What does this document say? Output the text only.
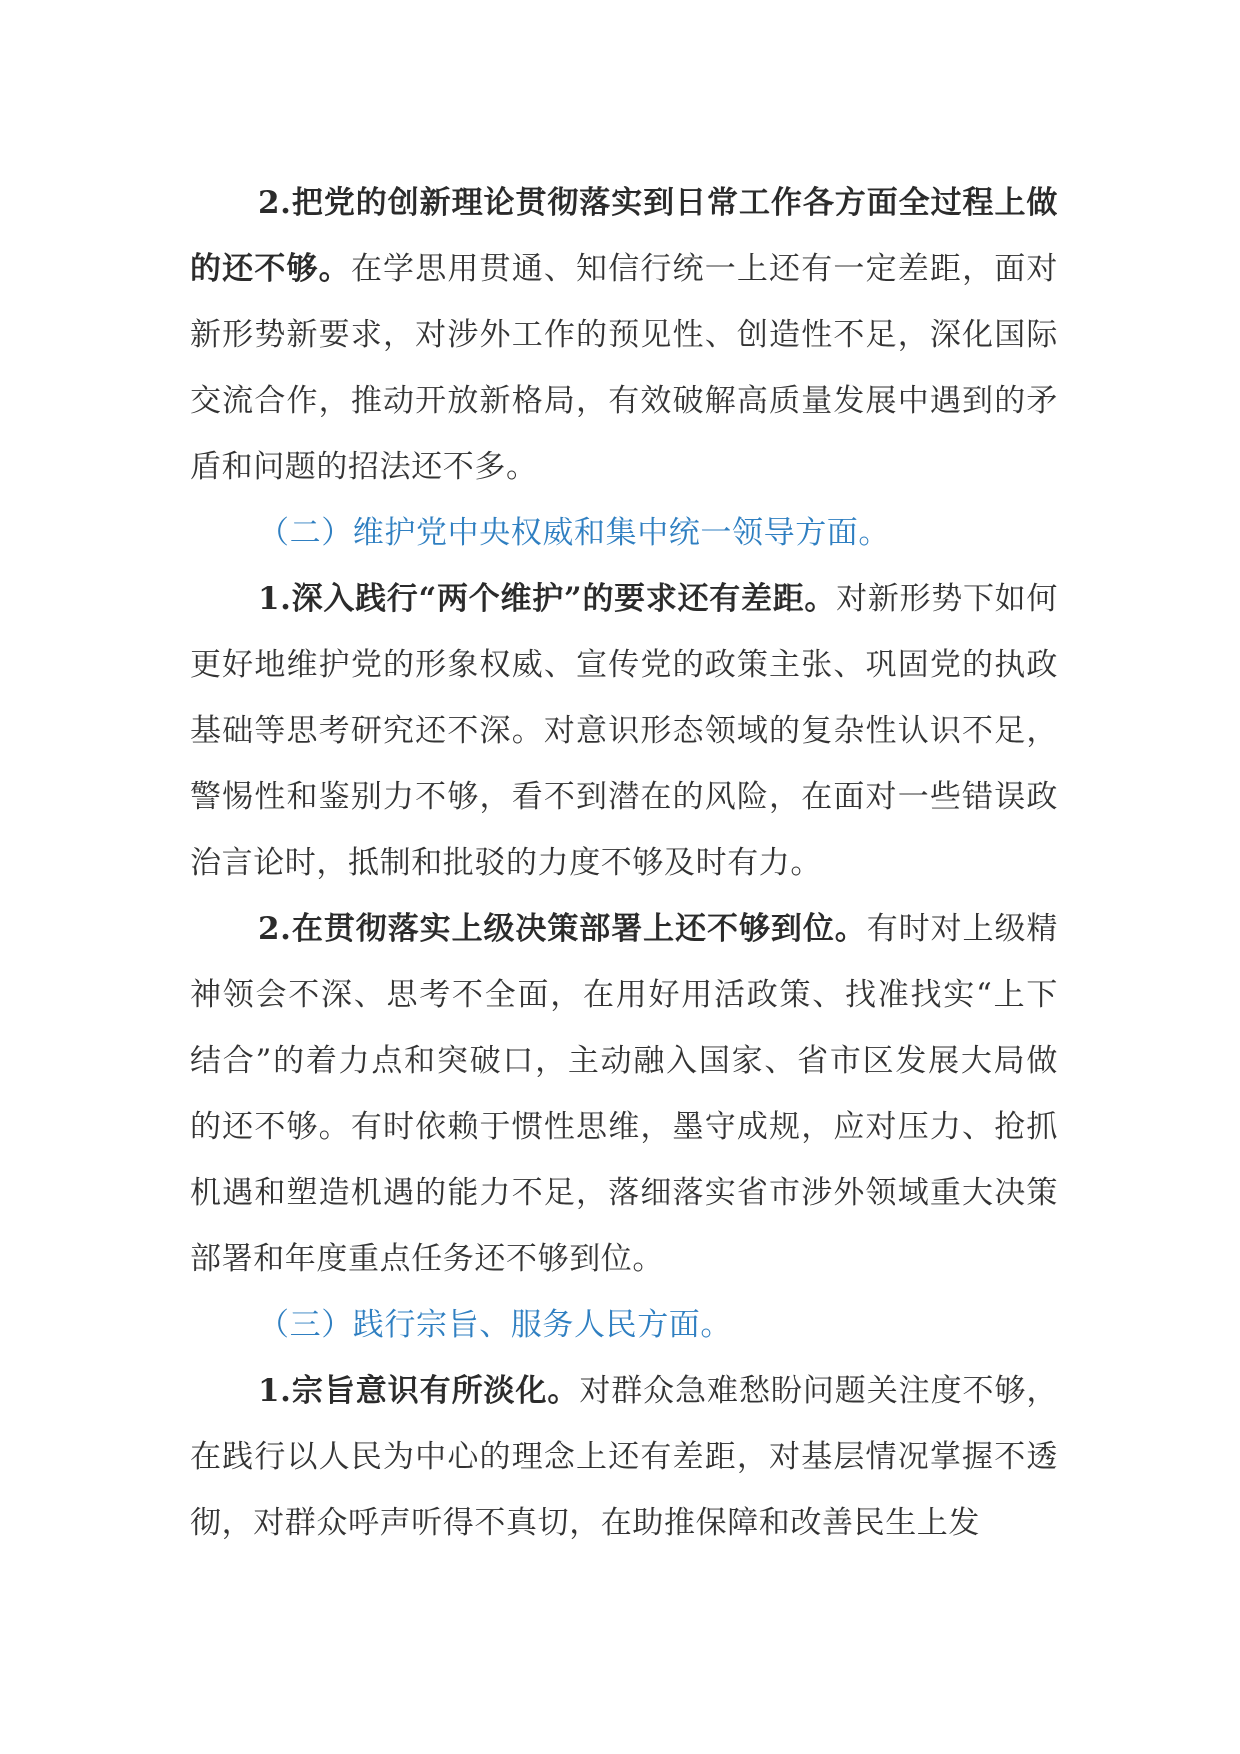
2.把党的创新理论贯彻落实到日常工作各方面全过程上做的还不够。在学思用贯通、知信行统一上还有一定差距，面对新形势新要求，对涉外工作的预见性、创造性不足，深化国际交流合作，推动开放新格局，有效破解高质量发展中遇到的矛盾和问题的招法还不多。

（二）维护党中央权威和集中统一领导方面。

1.深入践行“两个维护”的要求还有差距。对新形势下如何更好地维护党的形象权威、宣传党的政策主张、巩固党的执政基础等思考研究还不深。对意识形态领域的复杂性认识不足，警惕性和鉴别力不够，看不到潜在的风险，在面对一些错误政治言论时，抵制和批驳的力度不够及时有力。

2.在贯彻落实上级决策部署上还不够到位。有时对上级精神领会不深、思考不全面，在用好用活政策、找准找实“上下结合”的着力点和突破口，主动融入国家、省市区发展大局做的还不够。有时依赖于惯性思维，墨守成规，应对压力、抢抓机遇和塑造机遇的能力不足，落细落实省市涉外领域重大决策部署和年度重点任务还不够到位。

（三）践行宗旨、服务人民方面。

1.宗旨意识有所淡化。对群众急难愁盼问题关注度不够，在践行以人民为中心的理念上还有差距，对基层情况掌握不透彻，对群众呼声听得不真切，在助推保障和改善民生上发
